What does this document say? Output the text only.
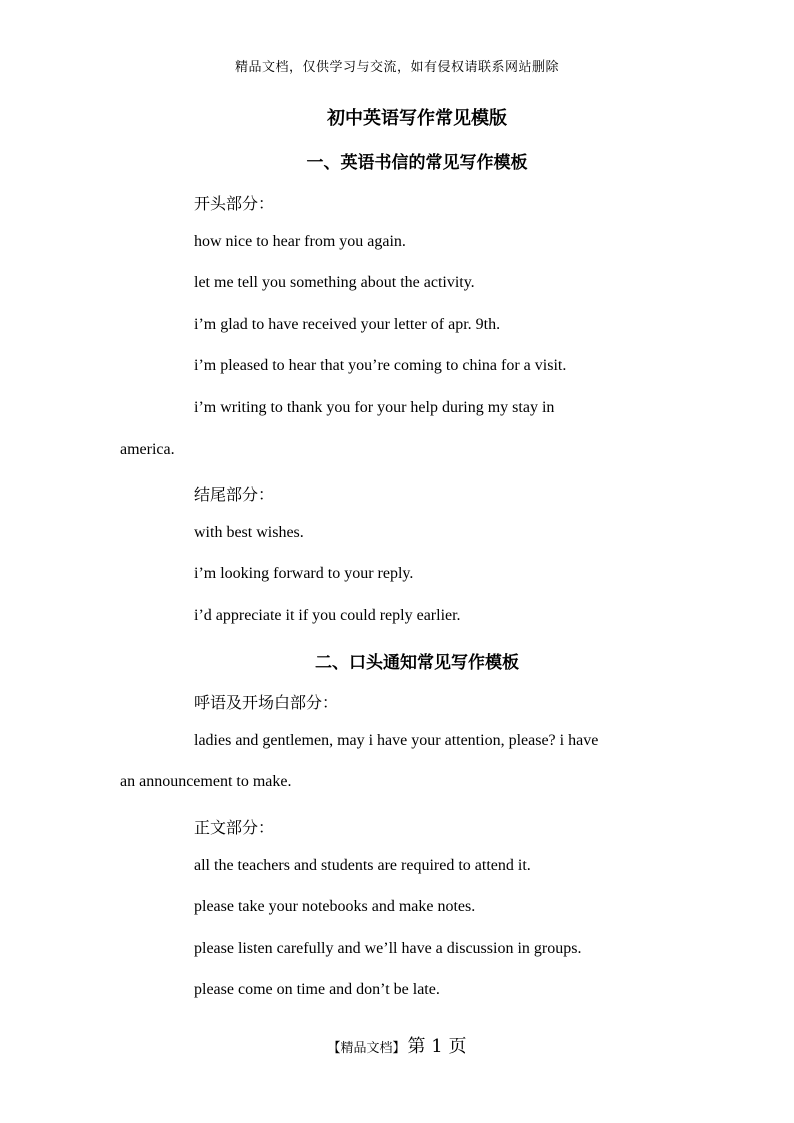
精品文档，仅供学习与交流，如有侵权请联系网站删除
初中英语写作常见模版
一、英语书信的常见写作模板
开头部分：
how nice to hear from you again.
let me tell you something about the activity.
i’m glad to have received your letter of apr. 9th.
i’m pleased to hear that you’re coming to china for a visit.
i’m writing to thank you for your help during my stay in
america.
结尾部分：
with best wishes.
i’m looking forward to your reply.
i’d appreciate it if you could reply earlier.
二、口头通知常见写作模板
呼语及开场白部分：
ladies and gentlemen, may i have your attention, please? i have
an announcement to make.
正文部分：
all the teachers and students are required to attend it.
please take your notebooks and make notes.
please listen carefully and we’ll have a discussion in groups.
please come on time and don’t be late.
【精品文档】 第 1 页
